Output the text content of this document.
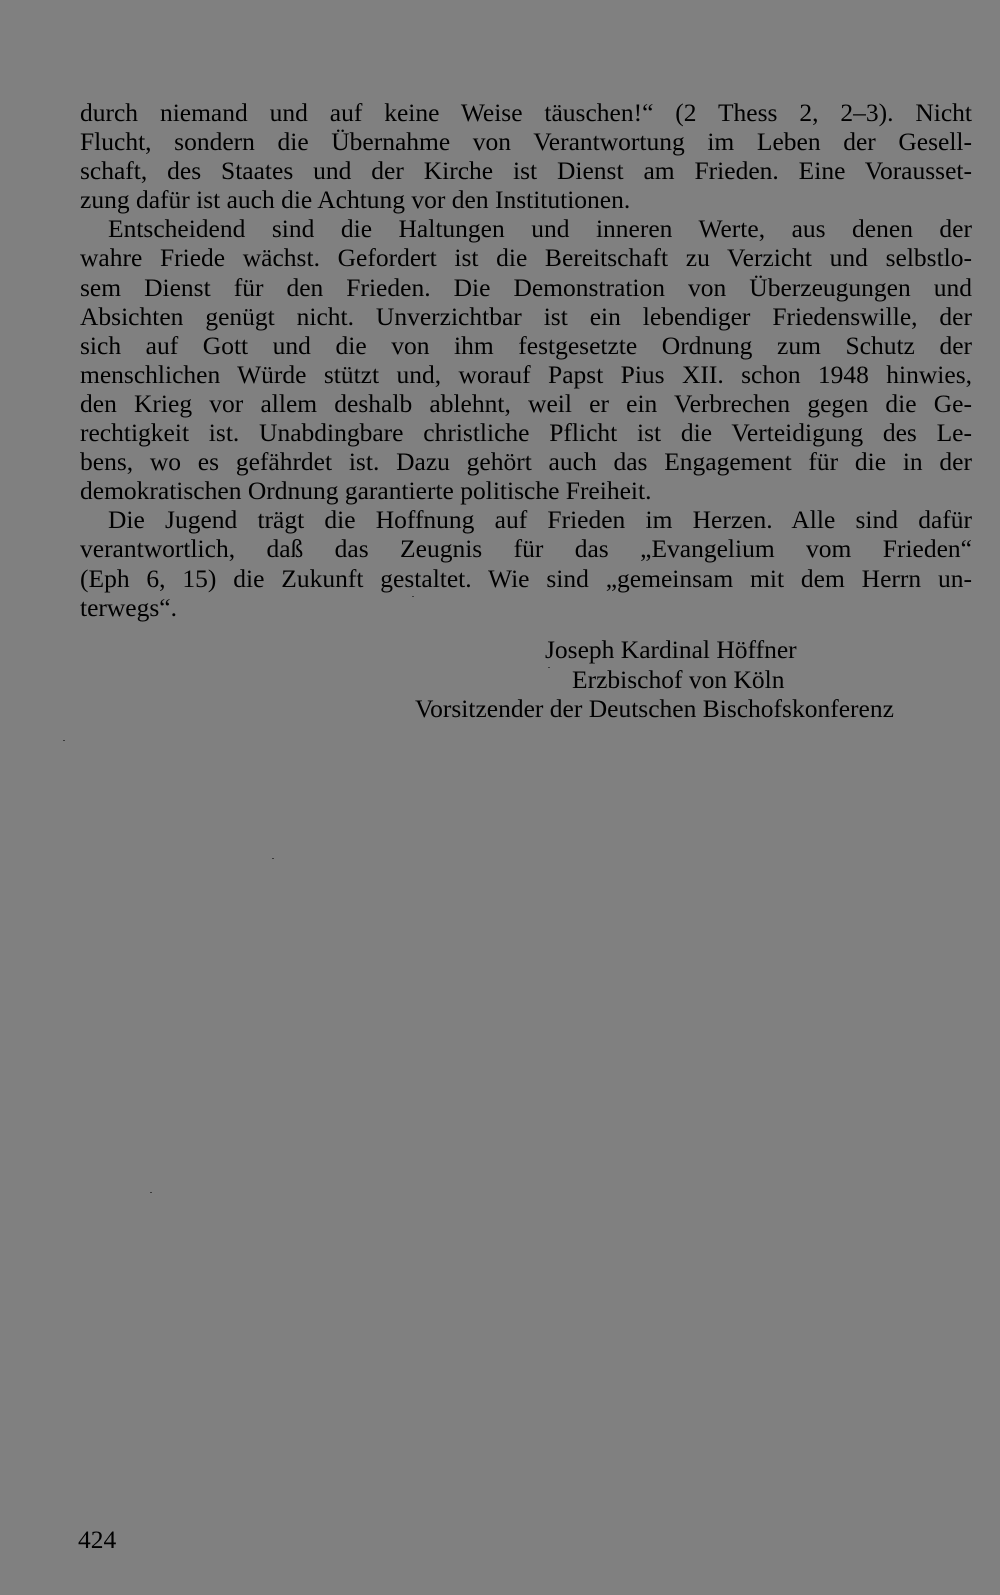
durch niemand und auf keine Weise täuschen!“ (2 Thess 2, 2–3). Nicht
Flucht, sondern die Übernahme von Verantwortung im Leben der Gesell-
schaft, des Staates und der Kirche ist Dienst am Frieden. Eine Vorausset-
zung dafür ist auch die Achtung vor den Institutionen.
Entscheidend sind die Haltungen und inneren Werte, aus denen der
wahre Friede wächst. Gefordert ist die Bereitschaft zu Verzicht und selbstlo-
sem Dienst für den Frieden. Die Demonstration von Überzeugungen und
Absichten genügt nicht. Unverzichtbar ist ein lebendiger Friedenswille, der
sich auf Gott und die von ihm festgesetzte Ordnung zum Schutz der
menschlichen Würde stützt und, worauf Papst Pius XII. schon 1948 hinwies,
den Krieg vor allem deshalb ablehnt, weil er ein Verbrechen gegen die Ge-
rechtigkeit ist. Unabdingbare christliche Pflicht ist die Verteidigung des Le-
bens, wo es gefährdet ist. Dazu gehört auch das Engagement für die in der
demokratischen Ordnung garantierte politische Freiheit.
Die Jugend trägt die Hoffnung auf Frieden im Herzen. Alle sind dafür
verantwortlich, daß das Zeugnis für das „Evangelium vom Frieden“
(Eph 6, 15) die Zukunft gestaltet. Wie sind „gemeinsam mit dem Herrn un-
terwegs“.
Joseph Kardinal Höffner
Erzbischof von Köln
Vorsitzender der Deutschen Bischofskonferenz
424
